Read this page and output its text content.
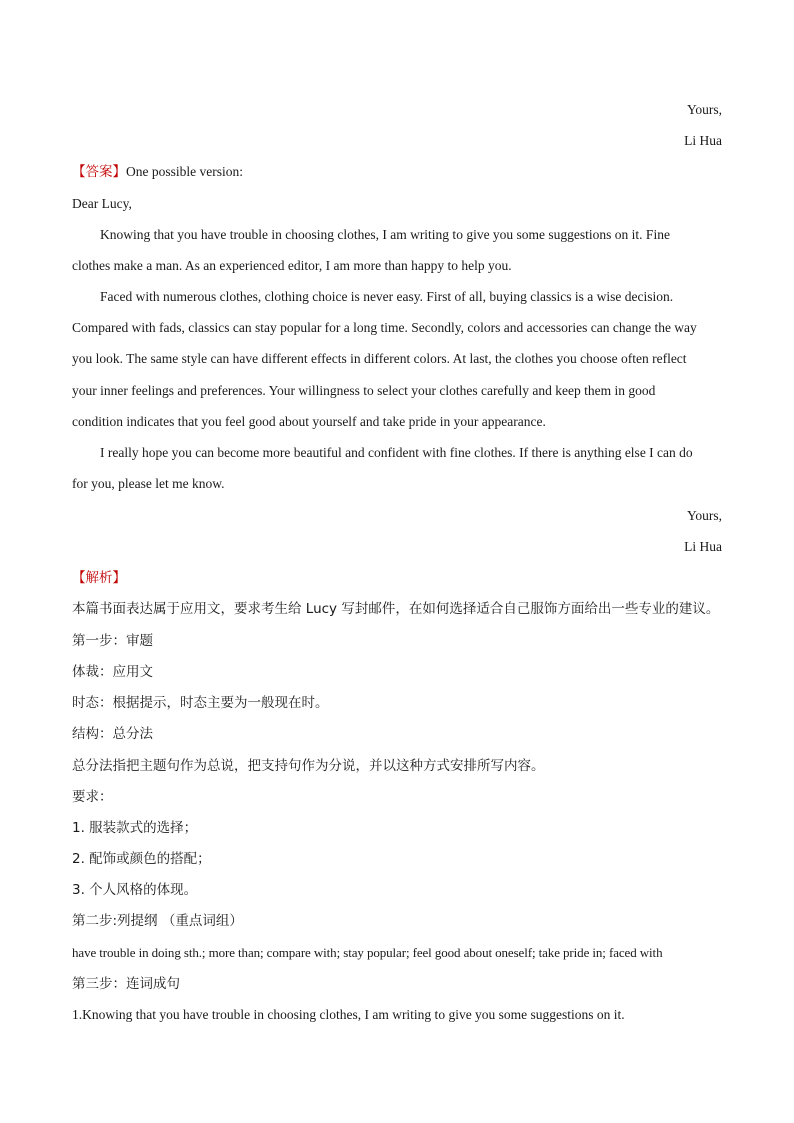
Yours,
Li Hua
【答案】One possible version:
Dear Lucy,
Knowing that you have trouble in choosing clothes, I am writing to give you some suggestions on it. Fine
clothes make a man. As an experienced editor, I am more than happy to help you.
Faced with numerous clothes, clothing choice is never easy. First of all, buying classics is a wise decision.
Compared with fads, classics can stay popular for a long time. Secondly, colors and accessories can change the way
you look. The same style can have different effects in different colors. At last, the clothes you choose often reflect
your inner feelings and preferences. Your willingness to select your clothes carefully and keep them in good
condition indicates that you feel good about yourself and take pride in your appearance.
I really hope you can become more beautiful and confident with fine clothes. If there is anything else I can do
for you, please let me know.
Yours,
Li Hua
【解析】
本篇书面表达属于应用文，要求考生给 Lucy 写封邮件，在如何选择适合自己服饰方面给出一些专业的建议。
第一步：审题
体裁：应用文
时态：根据提示，时态主要为一般现在时。
结构：总分法
总分法指把主题句作为总说，把支持句作为分说，并以这种方式安排所写内容。
要求：
1. 服装款式的选择；
2. 配饰或颜色的搭配；
3. 个人风格的体现。
第二步:列提纲 （重点词组）
have trouble in doing sth.; more than; compare with; stay popular; feel good about oneself; take pride in; faced with
第三步：连词成句
1.Knowing that you have trouble in choosing clothes, I am writing to give you some suggestions on it.
